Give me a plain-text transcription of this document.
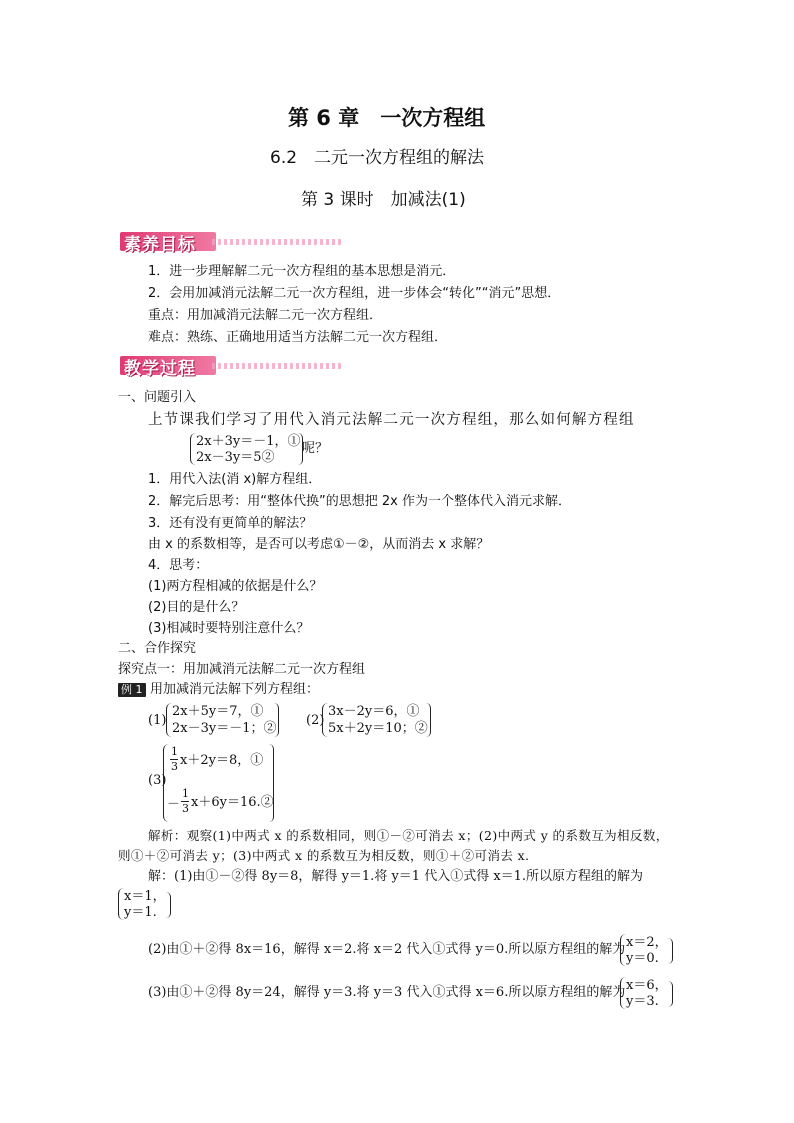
第 6 章　一次方程组
6.2　二元一次方程组的解法
第 3 课时　加减法(1)
素养目标
1．进一步理解解二元一次方程组的基本思想是消元．
2．会用加减消元法解二元一次方程组，进一步体会“转化”“消元”思想．
重点：用加减消元法解二元一次方程组．
难点：熟练、正确地用适当方法解二元一次方程组．
教学过程
一、问题引入
上节课我们学习了用代入消元法解二元一次方程组，那么如何解方程组
2x＋3y＝－1，①
2x－3y＝5②
呢？
1．用代入法(消 x)解方程组．
2．解完后思考：用“整体代换”的思想把 2x 作为一个整体代入消元求解．
3．还有没有更简单的解法？
由 x 的系数相等，是否可以考虑①－②，从而消去 x 求解？
4．思考：
(1)两方程相减的依据是什么？
(2)目的是什么？
(3)相减时要特别注意什么？
二、合作探究
探究点一：用加减消元法解二元一次方程组
例 1 用加减消元法解下列方程组：
(1)
2x＋5y＝7，①
2x－3y＝－1；②
(2)
3x－2y＝6，①
5x＋2y＝10；②
(3)
1
3 x＋2y＝8，①
－
1
3 x＋6y＝16.②
解析：观察(1)中两式 x 的系数相同，则①－②可消去 x；(2)中两式 y 的系数互为相反数，
则①＋②可消去 y；(3)中两式 x 的系数互为相反数，则①＋②可消去 x.
解：(1)由①－②得 8y＝8，解得 y＝1.将 y＝1 代入①式得 x＝1.所以原方程组的解为
x＝1，
y＝1.
(2)由①＋②得 8x＝16，解得 x＝2.将 x＝2 代入①式得 y＝0.所以原方程组的解为 x＝2，
y＝0.
(3)由①＋②得 8y＝24，解得 y＝3.将 y＝3 代入①式得 x＝6.所以原方程组的解为 x＝6，
y＝3.
